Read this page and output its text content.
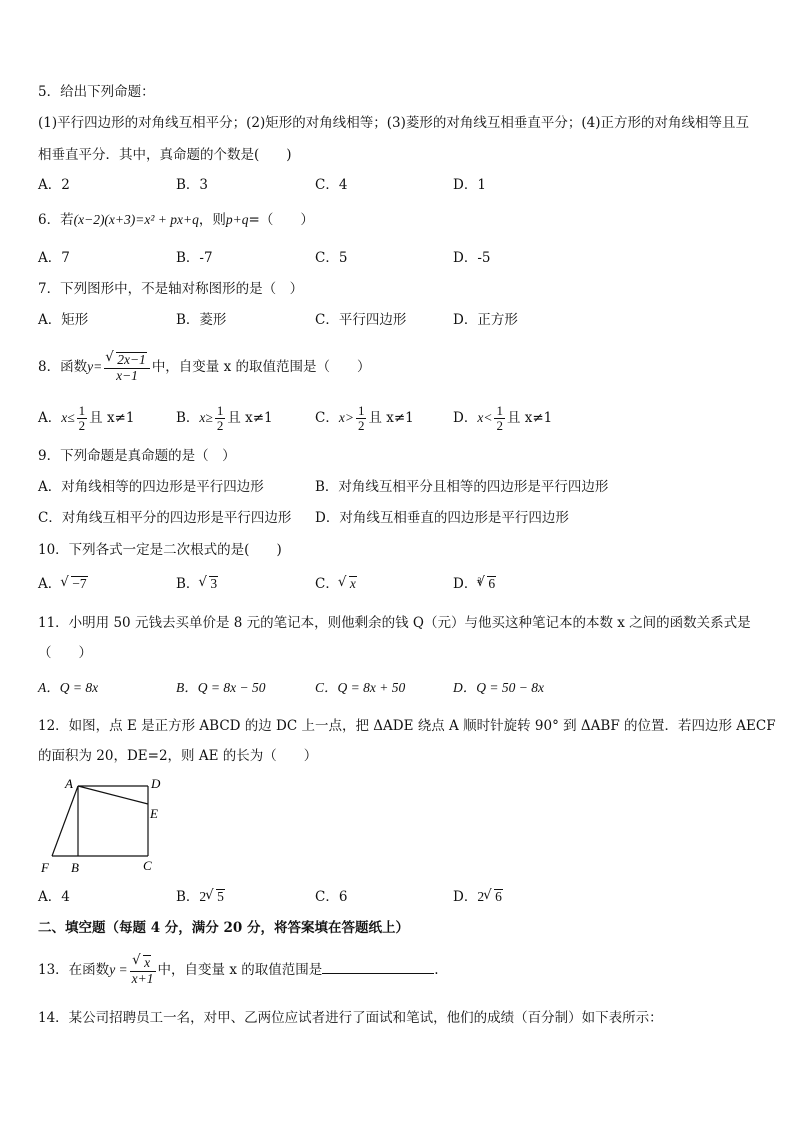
5．给出下列命题：
(1)平行四边形的对角线互相平分；(2)矩形的对角线相等；(3)菱形的对角线互相垂直平分；(4)正方形的对角线相等且互
相垂直平分．其中，真命题的个数是(　　)
A．2	B．3	C．4	D．1
6．若(x−2)(x+3)=x² + px+q，则p+q=（　　）
A．7	B．-7	C．5	D．-5
7．下列图形中，不是轴对称图形的是（　）
A．矩形	B．菱形	C．平行四边形	D．正方形
8．函数y= √ $\frac{2x-1}{x-1}$ 中，自变量 x 的取值范围是（　　）
A．$x\le \frac{1}{2}$ 且 x≠1	B．$x\ge \frac{1}{2}$ 且 x≠1	C．$x> \frac{1}{2}$ 且 x≠1	D．$x< \frac{1}{2}$ 且 x≠1
9．下列命题是真命题的是（　）
A．对角线相等的四边形是平行四边形	B．对角线互相平分且相等的四边形是平行四边形
C．对角线互相平分的四边形是平行四边形 D．对角线互相垂直的四边形是平行四边形
10．下列各式一定是二次根式的是(　　)
A． √ −7	B． √ 3	C． √ x	D． √ 3 6
11．小明用 50 元钱去买单价是 8 元的笔记本，则他剩余的钱 Q（元）与他买这种笔记本的本数 x 之间的函数关系式是
（　　）
A．Q = 8x	B．Q = 8x − 50	C．Q = 8x + 50	D．Q = 50 − 8x
12．如图，点 E 是正方形 ABCD 的边 DC 上一点，把 ΔADE 绕点 A 顺时针旋转 90° 到 ΔABF 的位置．若四边形 AECF
的面积为 20，DE=2，则 AE 的长为（　　）
A	D
E
F B	C
A．4	B．2 √ 5	C．6	D．2 √ 6
二、填空题（每题 4 分，满分 20 分，将答案填在答题纸上）
13．在函数y = √ $\frac{x}{x+1}$ 中，自变量 x 的取值范围是	.
14．某公司招聘员工一名，对甲、乙两位应试者进行了面试和笔试，他们的成绩（百分制）如下表所示：
